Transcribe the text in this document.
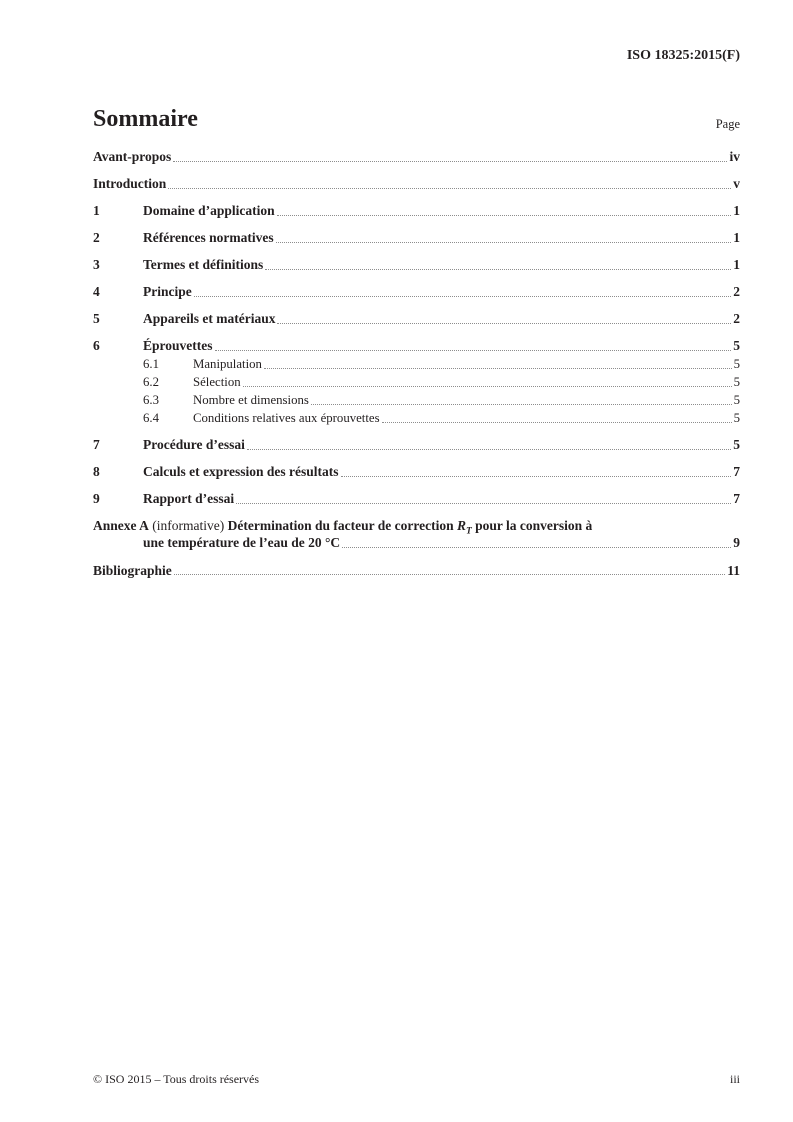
ISO 18325:2015(F)
Sommaire	Page
Avant-propos	iv
Introduction	v
1	Domaine d’application	1
2	Références normatives	1
3	Termes et définitions	1
4	Principe	2
5	Appareils et matériaux	2
6	Éprouvettes	5
6.1	Manipulation	5
6.2	Sélection	5
6.3	Nombre et dimensions	5
6.4	Conditions relatives aux éprouvettes	5
7	Procédure d’essai	5
8	Calculs et expression des résultats	7
9	Rapport d’essai	7
Annexe A (informative) Détermination du facteur de correction $R_T$ pour la conversion à
une température de l’eau de 20 °C	9
Bibliographie	11
© ISO 2015 – Tous droits réservés	iii
